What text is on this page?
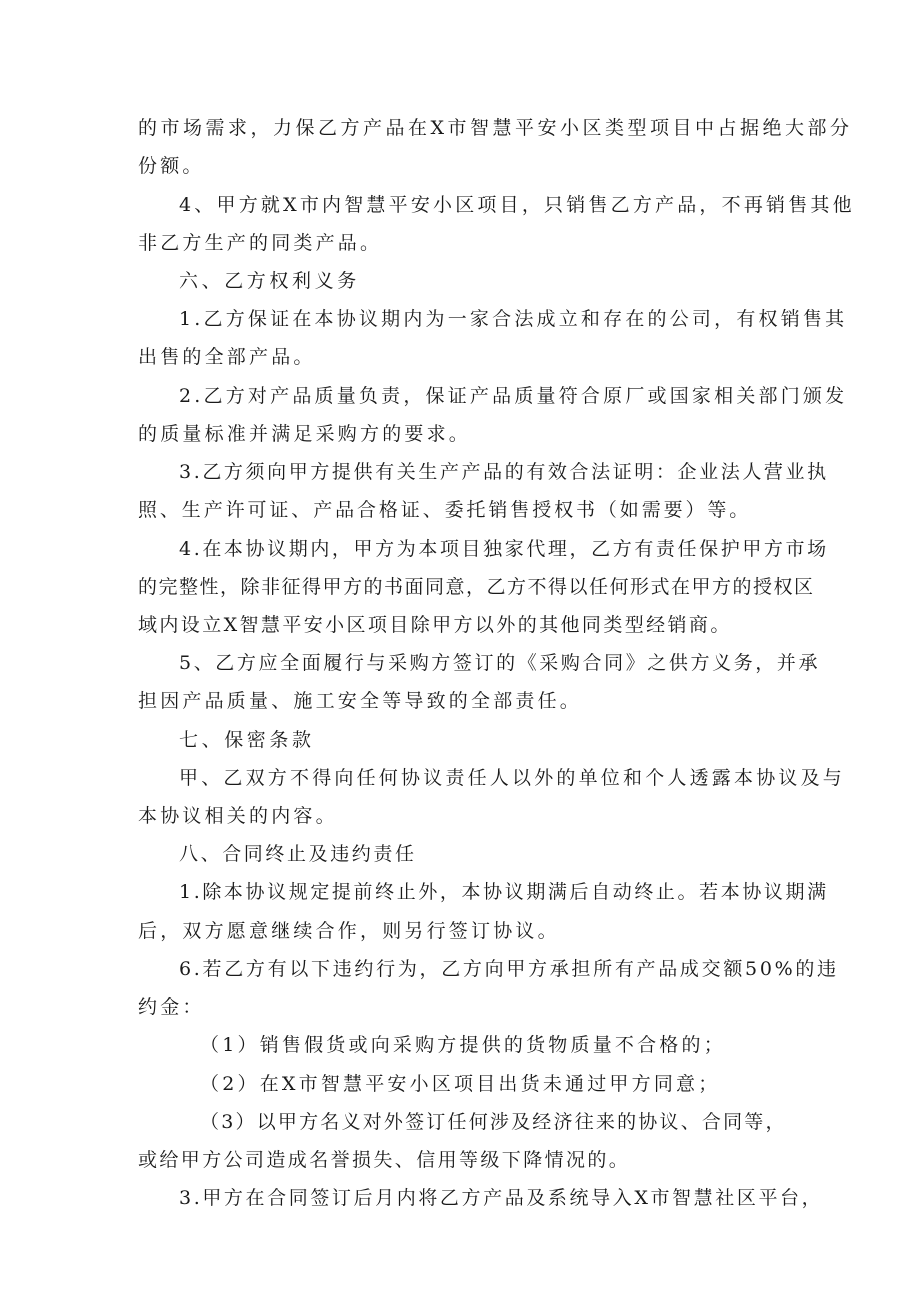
的市场需求，力保乙方产品在X市智慧平安小区类型项目中占据绝大部分
份额。
4、甲方就X市内智慧平安小区项目，只销售乙方产品，不再销售其他
非乙方生产的同类产品。
六、乙方权利义务
1.乙方保证在本协议期内为一家合法成立和存在的公司，有权销售其
出售的全部产品。
2.乙方对产品质量负责，保证产品质量符合原厂或国家相关部门颁发
的质量标准并满足采购方的要求。
3.乙方须向甲方提供有关生产产品的有效合法证明：企业法人营业执
照、生产许可证、产品合格证、委托销售授权书（如需要）等。
4.在本协议期内，甲方为本项目独家代理，乙方有责任保护甲方市场
的完整性，除非征得甲方的书面同意，乙方不得以任何形式在甲方的授权区
域内设立X智慧平安小区项目除甲方以外的其他同类型经销商。
5、乙方应全面履行与采购方签订的《采购合同》之供方义务，并承
担因产品质量、施工安全等导致的全部责任。
七、保密条款
甲、乙双方不得向任何协议责任人以外的单位和个人透露本协议及与
本协议相关的内容。
八、合同终止及违约责任
1.除本协议规定提前终止外，本协议期满后自动终止。若本协议期满
后，双方愿意继续合作，则另行签订协议。
6.若乙方有以下违约行为，乙方向甲方承担所有产品成交额50%的违
约金：
（1）销售假货或向采购方提供的货物质量不合格的；
（2）在X市智慧平安小区项目出货未通过甲方同意；
（3）以甲方名义对外签订任何涉及经济往来的协议、合同等，
或给甲方公司造成名誉损失、信用等级下降情况的。
3.甲方在合同签订后月内将乙方产品及系统导入X市智慧社区平台，
